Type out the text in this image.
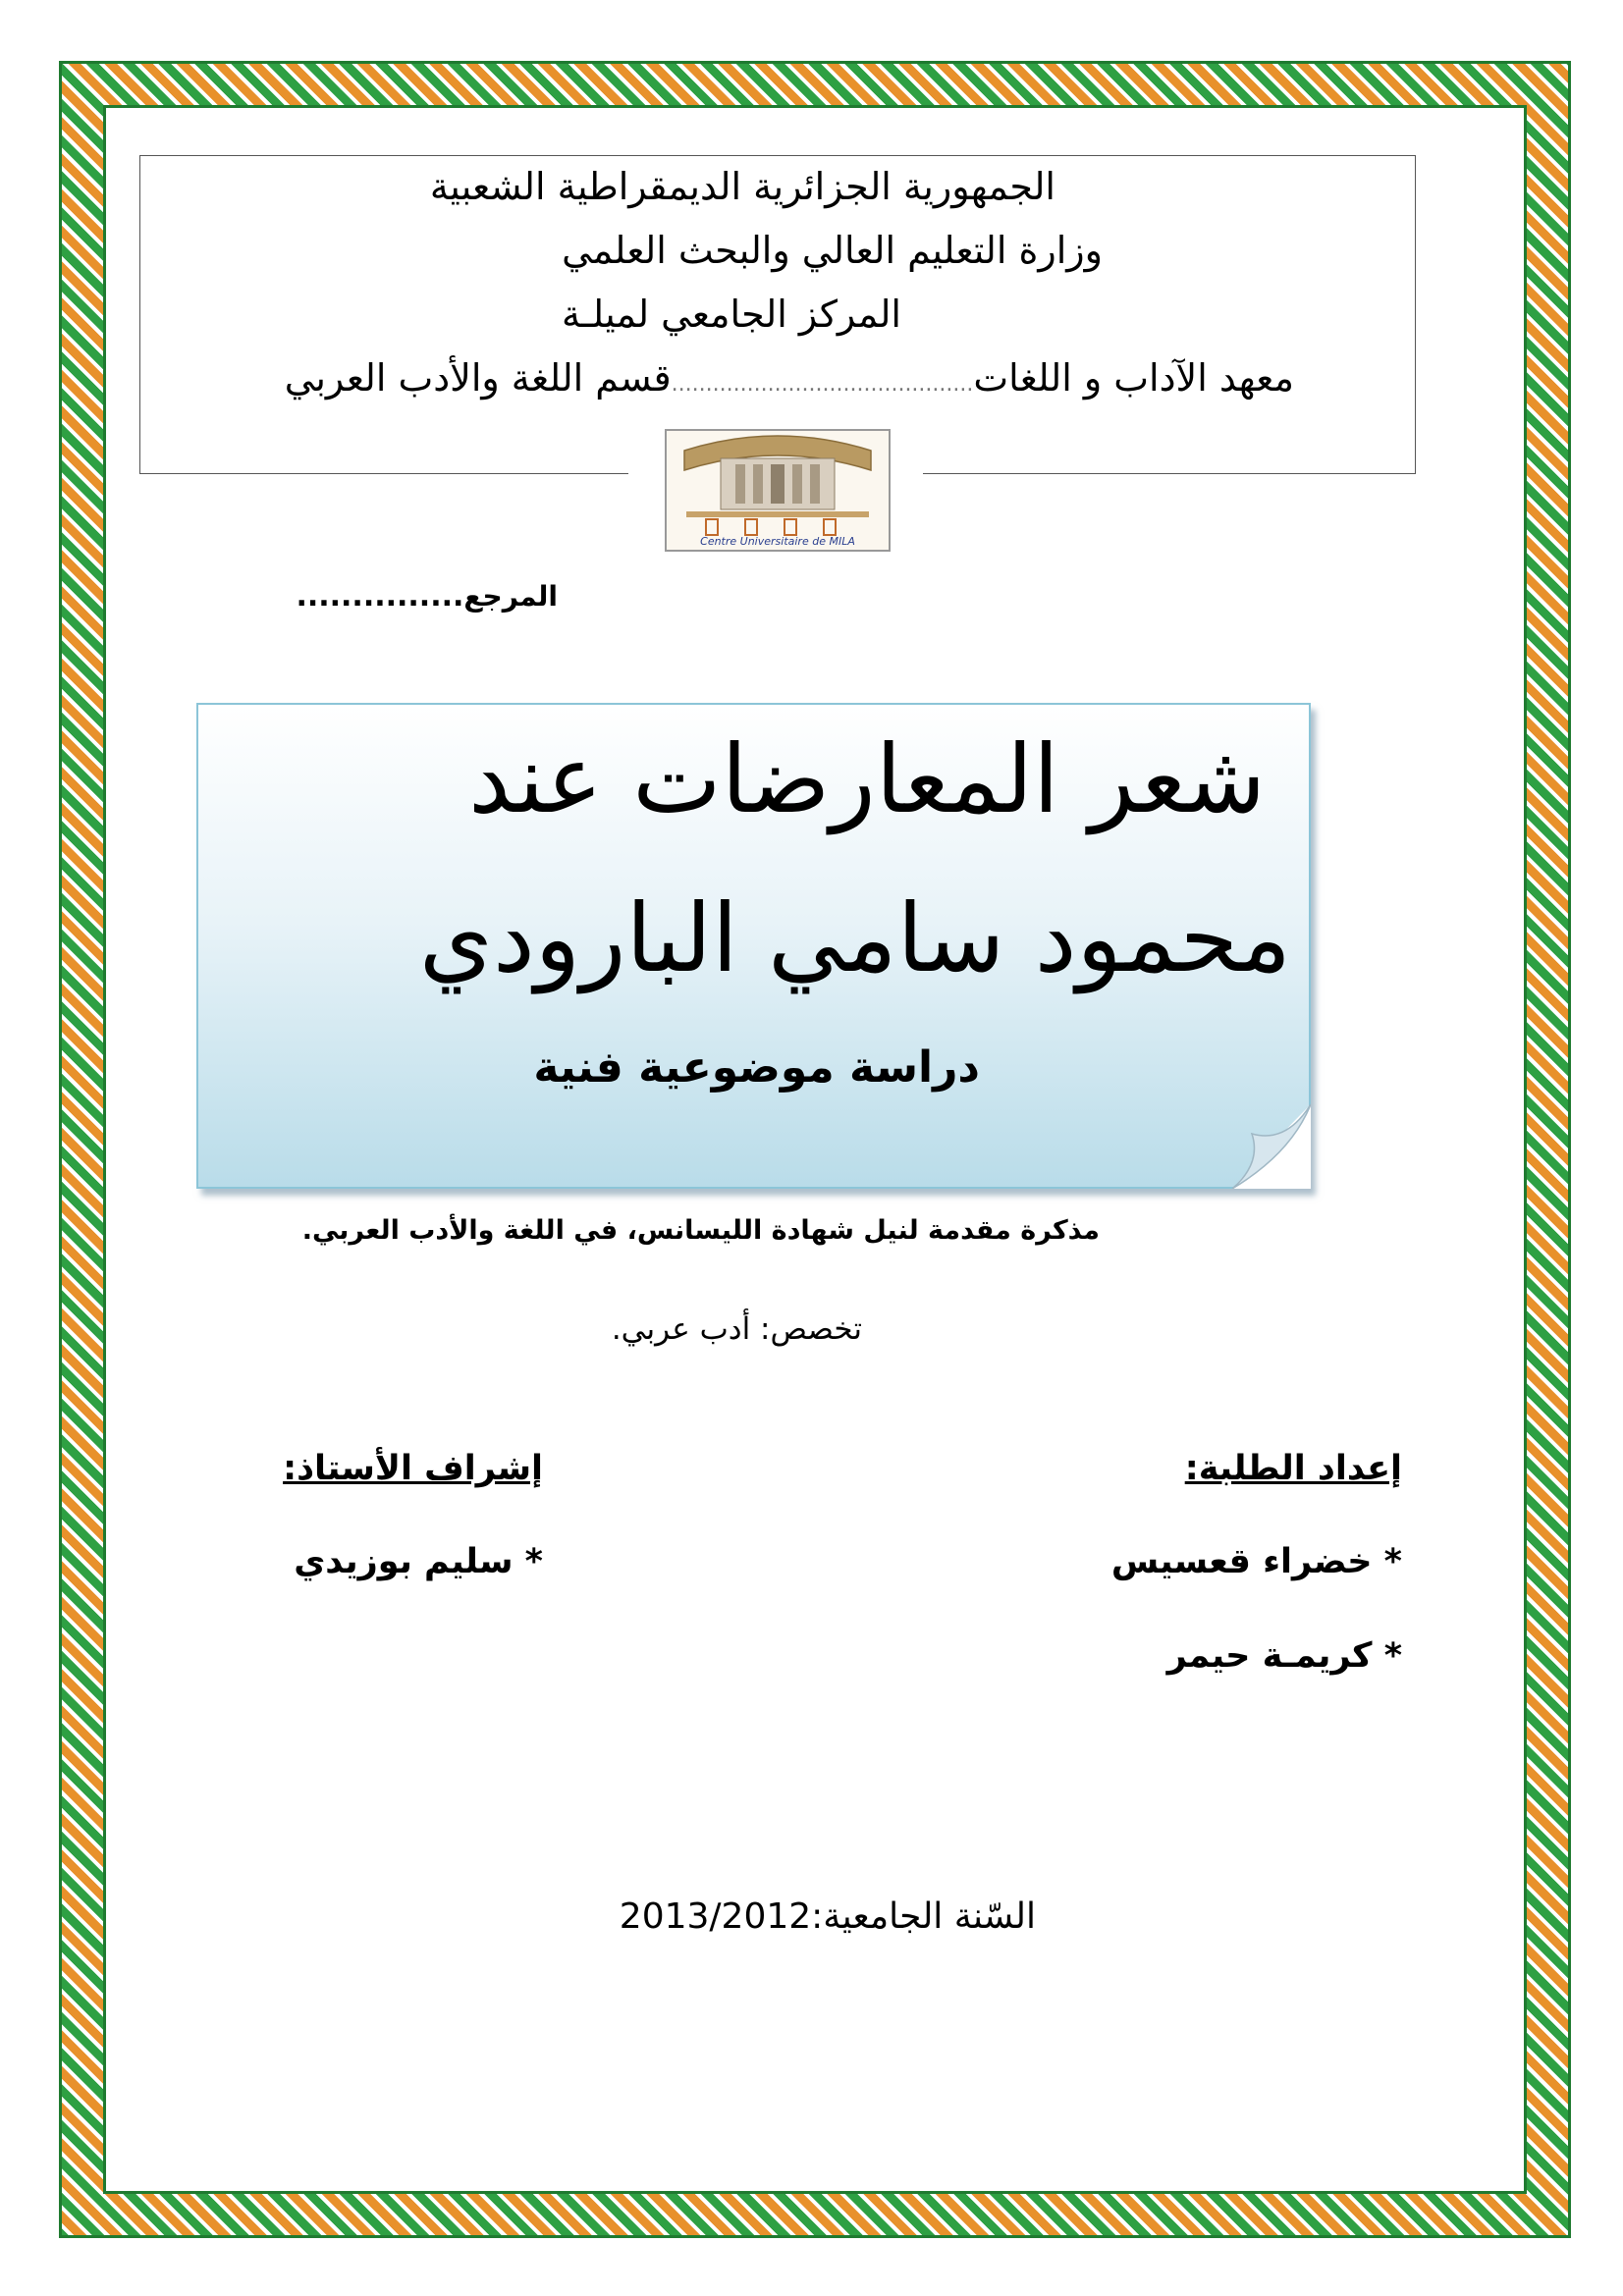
الجمهورية الجزائرية الديمقراطية الشعبية
وزارة التعليم العالي والبحث العلمي
المركز الجامعي لميلـة
معهد الآداب و اللغات............................................قسم اللغة والأدب العربي
Centre Universitaire de MILA
المرجع...............
شعر المعارضات عند
محمود سامي البارودي
دراسة موضوعية فنية
مذكرة مقدمة لنيل شهادة الليسانس، في اللغة والأدب العربي.
تخصص: أدب عربي.
إعداد الطلبة:
* خضراء قعسيس
* كريمـة حيمر
إشراف الأستاذ:
* سليم بوزيدي
السّنة الجامعية:2013/2012
